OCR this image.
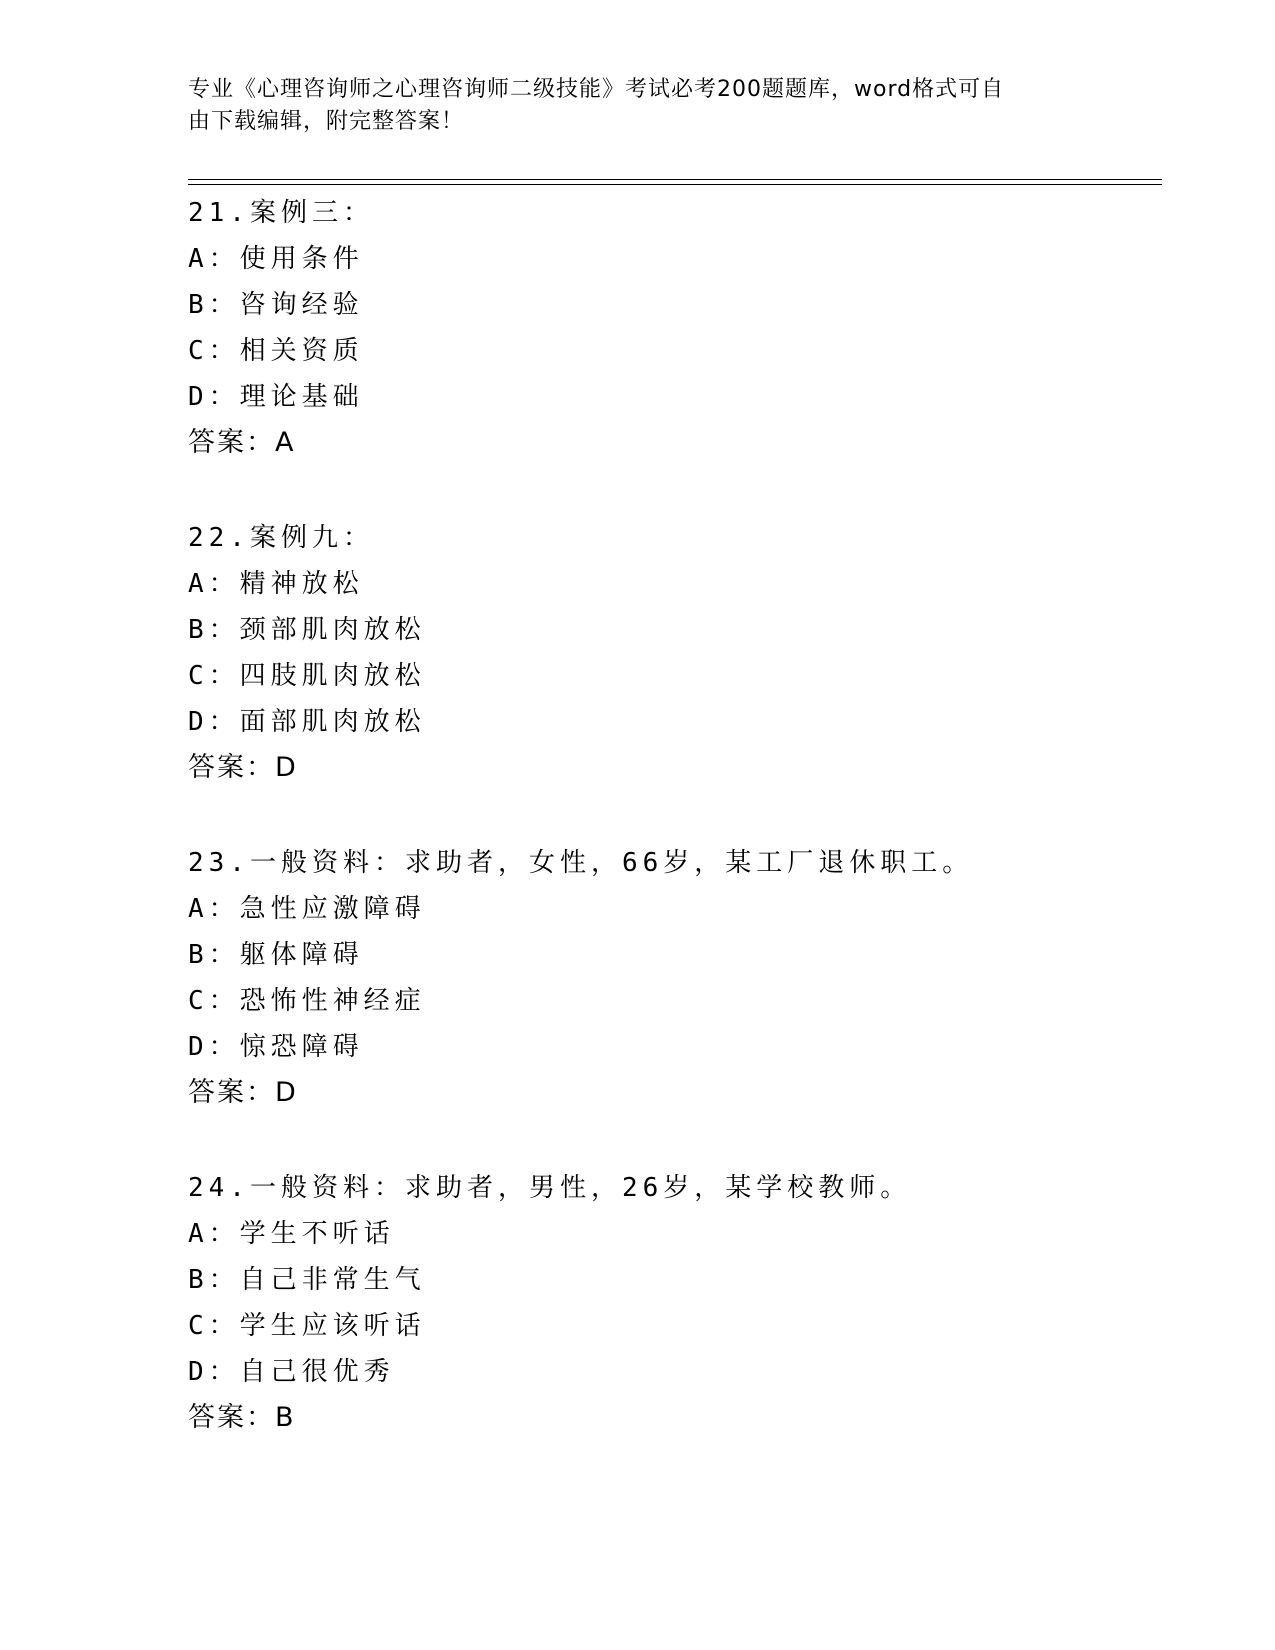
专业《心理咨询师之心理咨询师二级技能》考试必考200题题库，word格式可自
由下载编辑，附完整答案！
21.案例三：
A：使用条件
B：咨询经验
C：相关资质
D：理论基础
答案：A
22.案例九：
A：精神放松
B：颈部肌肉放松
C：四肢肌肉放松
D：面部肌肉放松
答案：D
23.一般资料：求助者，女性，66岁，某工厂退休职工。
A：急性应激障碍
B：躯体障碍
C：恐怖性神经症
D：惊恐障碍
答案：D
24.一般资料：求助者，男性，26岁，某学校教师。
A：学生不听话
B：自己非常生气
C：学生应该听话
D：自己很优秀
答案：B
